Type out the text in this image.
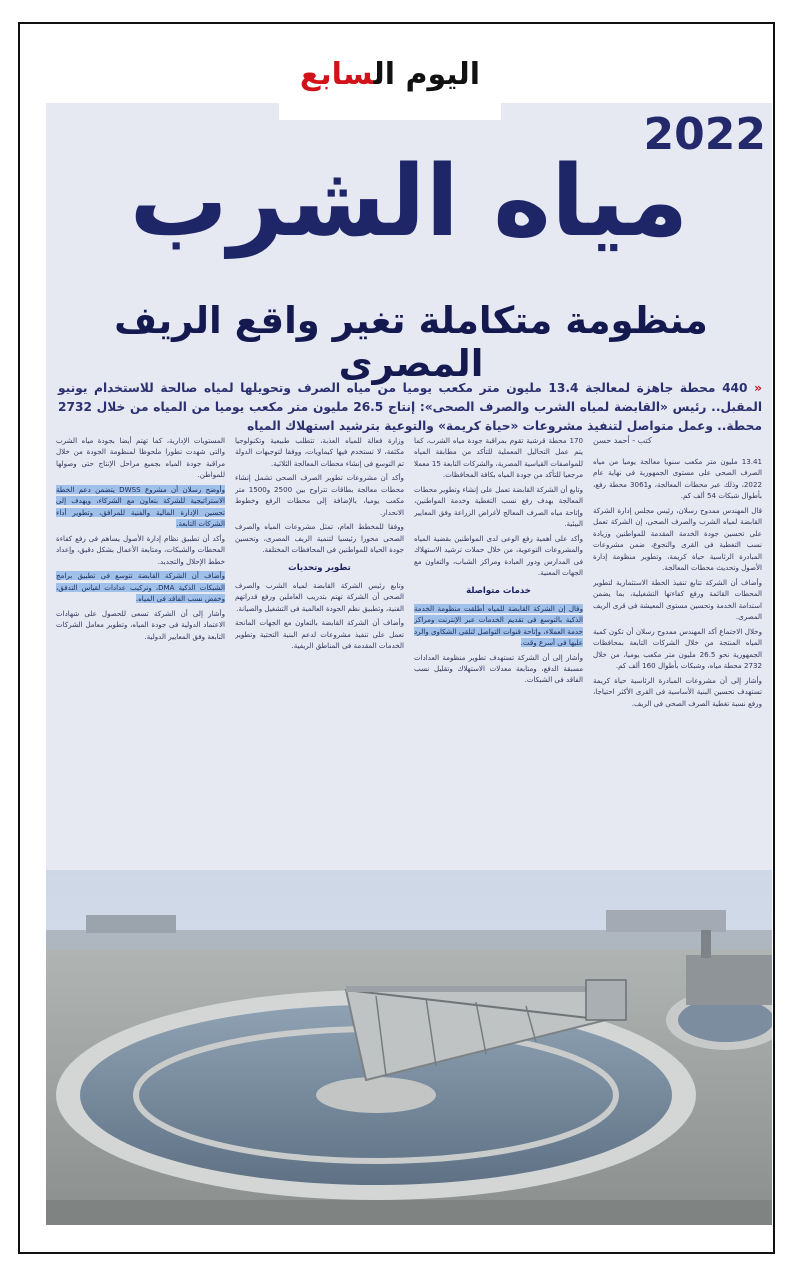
2022
مياه الشرب
منظومة متكاملة تغير واقع الريف المصرى
« 440 محطة جاهزة لمعالجة 13.4 مليون متر مكعب يوميا من مياه الصرف وتحويلها لمياه صالحة للاستخدام يونيو المقبل.. رئيس «القابضة لمياه الشرب والصرف الصحى»: إنتاج 26.5 مليون متر مكعب يوميا من المياه من خلال 2732 محطة.. وعمل متواصل لتنفيذ مشروعات «حياة كريمة» والتوعية بترشيد استهلاك المياه
كتب - أحمد حسن

13.41 مليون متر مكعب سنويا معالجة يوميا من مياه الصرف الصحى على مستوى الجمهورية فى نهاية عام 2022، وذلك عبر محطات المعالجة، و3061 محطة رفع، بأطوال شبكات 54 ألف كم.

قال المهندس ممدوح رسلان، رئيس مجلس إدارة الشركة القابضة لمياه الشرب والصرف الصحى، إن الشركة تعمل على تحسين جودة الخدمة المقدمة للمواطنين وزيادة نسب التغطية فى القرى والنجوع، ضمن مشروعات المبادرة الرئاسية حياة كريمة، وتطوير منظومة إدارة الأصول وتحديث محطات المعالجة.

وأضاف أن الشركة تتابع تنفيذ الخطة الاستثمارية لتطوير المحطات القائمة ورفع كفاءتها التشغيلية، بما يضمن استدامة الخدمة وتحسين مستوى المعيشة فى قرى الريف المصرى.

وخلال الاجتماع أكد المهندس ممدوح رسلان أن تكون كمية المياه المنتجة من خلال الشركات التابعة بمحافظات الجمهورية نحو 26.5 مليون متر مكعب يوميا، من خلال 2732 محطة مياه، وشبكات بأطوال 160 ألف كم.

وأشار إلى أن مشروعات المبادرة الرئاسية حياة كريمة تستهدف تحسين البنية الأساسية فى القرى الأكثر احتياجا، ورفع نسبة تغطية الصرف الصحى فى الريف.

170 محطة قرشية تقوم بمراقبة جودة مياه الشرب، كما يتم عمل التحاليل المعملية للتأكد من مطابقة المياه للمواصفات القياسية المصرية، والشركات التابعة 15 معملا مرجعيا للتأكد من جودة المياه بكافة المحافظات.

وتابع أن الشركة القابضة تعمل على إنشاء وتطوير محطات المعالجة بهدف رفع نسب التغطية وخدمة المواطنين، وإتاحة مياه الصرف المعالج لأغراض الزراعة وفق المعايير البيئية.

وأكد على أهمية رفع الوعى لدى المواطنين بقضية المياه والمشروعات التوعوية، من خلال حملات ترشيد الاستهلاك فى المدارس ودور العبادة ومراكز الشباب، والتعاون مع الجهات المعنية.

خدمات متواصلة

وقال إن الشركة القابضة للمياه أطلقت منظومة الخدمة الذكية بالتوسع فى تقديم الخدمات عبر الإنترنت ومراكز خدمة العملاء، وإتاحة قنوات التواصل لتلقى الشكاوى والرد عليها فى أسرع وقت.

وأشار إلى أن الشركة تستهدف تطوير منظومة العدادات مسبقة الدفع، ومتابعة معدلات الاستهلاك وتقليل نسب الفاقد فى الشبكات.

وزارة فعالة للمياه العذبة، تتطلب طبيعية وتكنولوجيا مكثفة، لا تستخدم فيها كيماويات، ووفقا لتوجيهات الدولة تم التوسع فى إنشاء محطات المعالجة الثلاثية.

وأكد أن مشروعات تطوير الصرف الصحى تشمل إنشاء محطات معالجة بطاقات تتراوح بين 2500 و1500 متر مكعب يوميا، بالإضافة إلى محطات الرفع وخطوط الانحدار.

ووفقا للمخطط العام، تمثل مشروعات المياه والصرف الصحى محورا رئيسيا لتنمية الريف المصرى، وتحسين جودة الحياة للمواطنين فى المحافظات المختلفة.

تطوير وتحديات

وتابع رئيس الشركة القابضة لمياه الشرب والصرف الصحى أن الشركة تهتم بتدريب العاملين ورفع قدراتهم الفنية، وتطبيق نظم الجودة العالمية فى التشغيل والصيانة.

وأضاف أن الشركة القابضة بالتعاون مع الجهات المانحة تعمل على تنفيذ مشروعات لدعم البنية التحتية وتطوير الخدمات المقدمة فى المناطق الريفية.

المستويات الإدارية، كما تهتم أيضا بجودة مياه الشرب والتى شهدت تطورا ملحوظا لمنظومة الجودة من خلال مراقبة جودة المياه بجميع مراحل الإنتاج حتى وصولها للمواطن.

وأوضح رسلان أن مشروع DWSS يتضمن دعم الخطة الاستراتيجية للشركة بتعاون مع الشركاء، ويهدف إلى تحسين الإدارة المالية والفنية للمرافق، وتطوير أداء الشركات التابعة.

وأكد أن تطبيق نظام إدارة الأصول يساهم فى رفع كفاءة المحطات والشبكات، ومتابعة الأعمال بشكل دقيق، وإعداد خطط الإحلال والتجديد.

وأضاف أن الشركة القابضة تتوسع فى تطبيق برامج الشبكات الذكية DMA، وتركيب عدادات لقياس التدفق، وخفض نسب الفاقد فى المياه.

وأشار إلى أن الشركة تسعى للحصول على شهادات الاعتماد الدولية فى جودة المياه، وتطوير معامل الشركات التابعة وفق المعايير الدولية.

اليوم السابع
